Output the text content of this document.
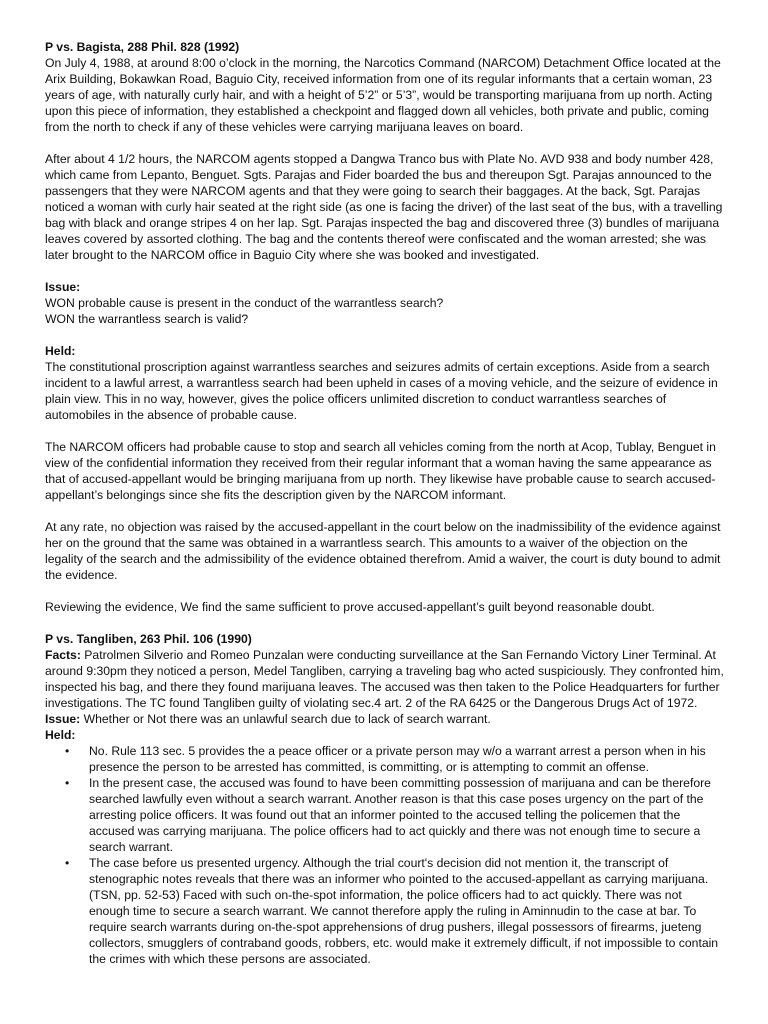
P vs. Bagista, 288 Phil. 828 (1992)

On July 4, 1988, at around 8:00 o’clock in the morning, the Narcotics Command (NARCOM) Detachment Office located at the Arix Building, Bokawkan Road, Baguio City, received information from one of its regular informants that a certain woman, 23 years of age, with naturally curly hair, and with a height of 5’2” or 5’3”, would be transporting marijuana from up north. Acting upon this piece of information, they established a checkpoint and flagged down all vehicles, both private and public, coming from the north to check if any of these vehicles were carrying marijuana leaves on board.

After about 4 1/2 hours, the NARCOM agents stopped a Dangwa Tranco bus with Plate No. AVD 938 and body number 428, which came from Lepanto, Benguet. Sgts. Parajas and Fider boarded the bus and thereupon Sgt. Parajas announced to the passengers that they were NARCOM agents and that they were going to search their baggages. At the back, Sgt. Parajas noticed a woman with curly hair seated at the right side (as one is facing the driver) of the last seat of the bus, with a travelling bag with black and orange stripes 4 on her lap. Sgt. Parajas inspected the bag and discovered three (3) bundles of marijuana leaves covered by assorted clothing. The bag and the contents thereof were confiscated and the woman arrested; she was later brought to the NARCOM office in Baguio City where she was booked and investigated.

Issue:

WON probable cause is present in the conduct of the warrantless search?

WON the warrantless search is valid?

Held:

The constitutional proscription against warrantless searches and seizures admits of certain exceptions. Aside from a search incident to a lawful arrest, a warrantless search had been upheld in cases of a moving vehicle, and the seizure of evidence in plain view. This in no way, however, gives the police officers unlimited discretion to conduct warrantless searches of automobiles in the absence of probable cause.

The NARCOM officers had probable cause to stop and search all vehicles coming from the north at Acop, Tublay, Benguet in view of the confidential information they received from their regular informant that a woman having the same appearance as that of accused-appellant would be bringing marijuana from up north. They likewise have probable cause to search accused-appellant’s belongings since she fits the description given by the NARCOM informant.

At any rate, no objection was raised by the accused-appellant in the court below on the inadmissibility of the evidence against her on the ground that the same was obtained in a warrantless search. This amounts to a waiver of the objection on the legality of the search and the admissibility of the evidence obtained therefrom. Amid a waiver, the court is duty bound to admit the evidence.

Reviewing the evidence, We find the same sufficient to prove accused-appellant’s guilt beyond reasonable doubt.

P vs. Tangliben, 263 Phil. 106 (1990)

Facts: Patrolmen Silverio and Romeo Punzalan were conducting surveillance at the San Fernando Victory Liner Terminal. At around 9:30pm they noticed a person, Medel Tangliben, carrying a traveling bag who acted suspiciously. They confronted him, inspected his bag, and there they found marijuana leaves. The accused was then taken to the Police Headquarters for further investigations. The TC found Tangliben guilty of violating sec.4 art. 2 of the RA 6425 or the Dangerous Drugs Act of 1972.

Issue: Whether or Not there was an unlawful search due to lack of search warrant.

Held:

• No. Rule 113 sec. 5 provides the a peace officer or a private person may w/o a warrant arrest a person when in his presence the person to be arrested has committed, is committing, or is attempting to commit an offense.
• In the present case, the accused was found to have been committing possession of marijuana and can be therefore searched lawfully even without a search warrant. Another reason is that this case poses urgency on the part of the arresting police officers. It was found out that an informer pointed to the accused telling the policemen that the accused was carrying marijuana. The police officers had to act quickly and there was not enough time to secure a search warrant.
• The case before us presented urgency. Although the trial court's decision did not mention it, the transcript of stenographic notes reveals that there was an informer who pointed to the accused-appellant as carrying marijuana. (TSN, pp. 52-53) Faced with such on-the-spot information, the police officers had to act quickly. There was not enough time to secure a search warrant. We cannot therefore apply the ruling in Aminnudin to the case at bar. To require search warrants during on-the-spot apprehensions of drug pushers, illegal possessors of firearms, jueteng collectors, smugglers of contraband goods, robbers, etc. would make it extremely difficult, if not impossible to contain the crimes with which these persons are associated.
